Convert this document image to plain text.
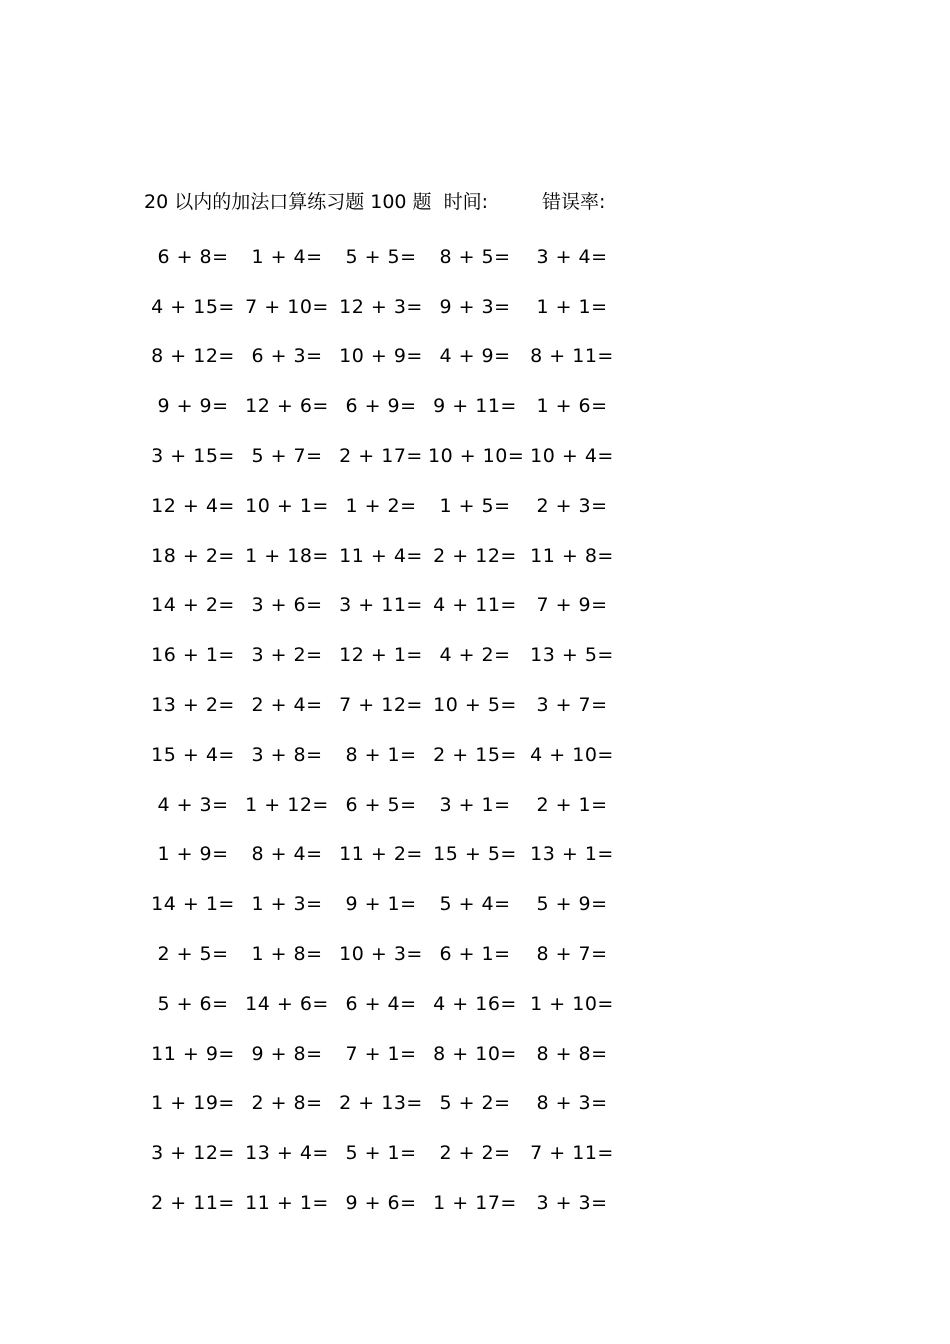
20 以内的加法口算练习题 100 题 时间:	错误率:
6 + 8=	1 + 4=	5 + 5=	8 + 5=	3 + 4=
4 + 15= 7 + 10= 12 + 3= 9 + 3=	1 + 1=
8 + 12= 6 + 3= 10 + 9= 4 + 9=	8 + 11=
9 + 9= 12 + 6= 6 + 9= 9 + 11=	1 + 6=
3 + 15= 5 + 7= 2 + 17= 10 + 10= 10 + 4=
12 + 4= 10 + 1= 1 + 2=	1 + 5=	2 + 3=
18 + 2= 1 + 18= 11 + 4= 2 + 12= 11 + 8=
14 + 2= 3 + 6= 3 + 11= 4 + 11=	7 + 9=
16 + 1= 3 + 2= 12 + 1= 4 + 2=	13 + 5=
13 + 2= 2 + 4= 7 + 12= 10 + 5=	3 + 7=
15 + 4= 3 + 8=	8 + 1= 2 + 15= 4 + 10=
4 + 3= 1 + 12= 6 + 5=	3 + 1=	2 + 1=
1 + 9=	8 + 4= 11 + 2= 15 + 5= 13 + 1=
14 + 1= 1 + 3=	9 + 1=	5 + 4=	5 + 9=
2 + 5=	1 + 8= 10 + 3= 6 + 1=	8 + 7=
5 + 6= 14 + 6= 6 + 4= 4 + 16= 1 + 10=
11 + 9= 9 + 8=	7 + 1= 8 + 10=	8 + 8=
1 + 19= 2 + 8= 2 + 13= 5 + 2=	8 + 3=
3 + 12= 13 + 4= 5 + 1=	2 + 2=	7 + 11=
2 + 11= 11 + 1= 9 + 6= 1 + 17=	3 + 3=
